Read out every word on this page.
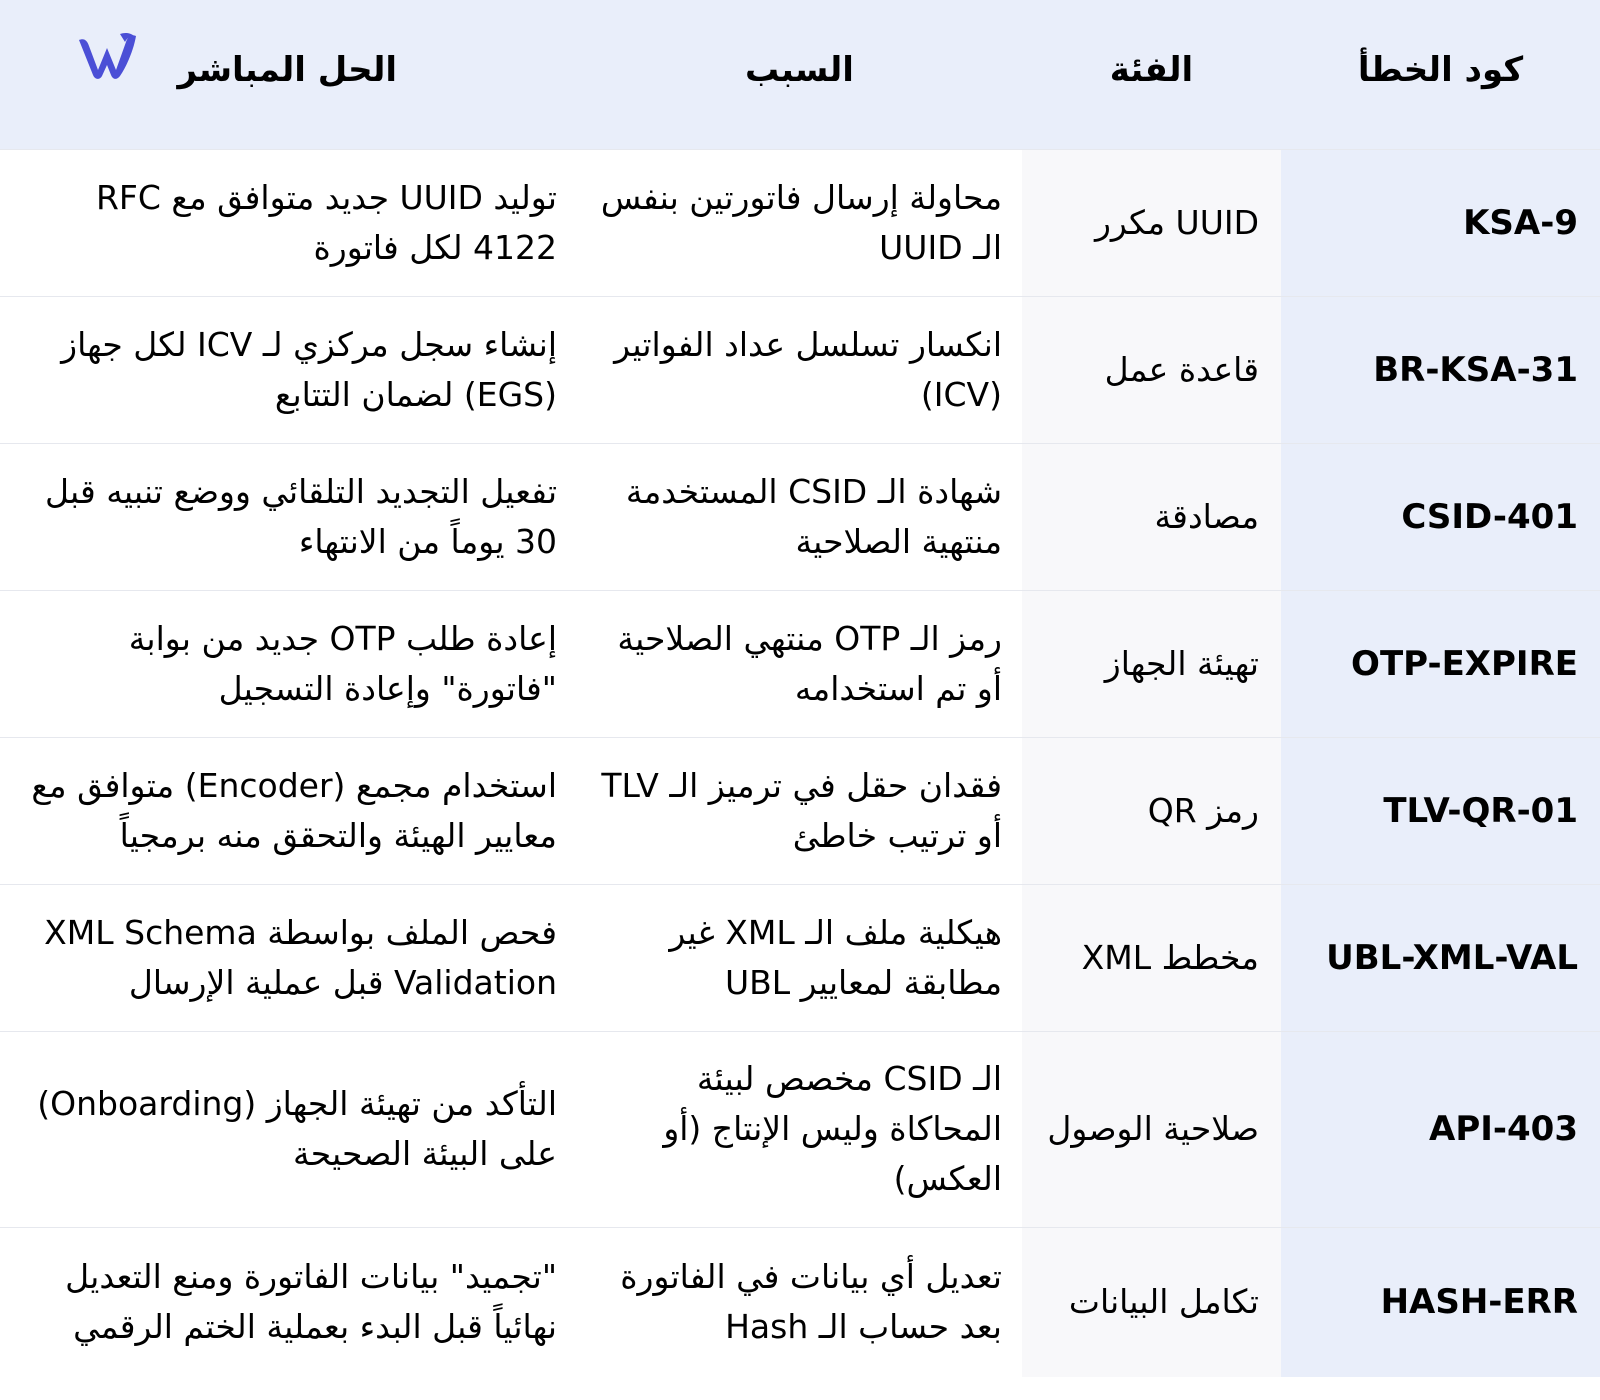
كود الخطأ	الفئة	السبب	الحل المباشر
KSA-9	UUID مكرر	محاولة إرسال فاتورتين بنفس الـ UUID	توليد UUID جديد متوافق مع RFC 4122 لكل فاتورة
BR-KSA-31	قاعدة عمل	انكسار تسلسل عداد الفواتير (ICV)	إنشاء سجل مركزي لـ ICV لكل جهاز (EGS) لضمان التتابع
CSID-401	مصادقة	شهادة الـ CSID المستخدمة منتهية الصلاحية	تفعيل التجديد التلقائي ووضع تنبيه قبل 30 يوماً من الانتهاء
OTP-EXPIRE	تهيئة الجهاز	رمز الـ OTP منتهي الصلاحية أو تم استخدامه	إعادة طلب OTP جديد من بوابة "فاتورة" وإعادة التسجيل
TLV-QR-01	رمز QR	فقدان حقل في ترميز الـ TLV أو ترتيب خاطئ	استخدام مجمع (Encoder) متوافق مع معايير الهيئة والتحقق منه برمجياً
UBL-XML-VAL	مخطط XML	هيكلية ملف الـ XML غير مطابقة لمعايير UBL	فحص الملف بواسطة XML Schema Validation قبل عملية الإرسال
API-403	صلاحية الوصول	الـ CSID مخصص لبيئة المحاكاة وليس الإنتاج (أو العكس)	التأكد من تهيئة الجهاز (Onboarding) على البيئة الصحيحة
HASH-ERR	تكامل البيانات	تعديل أي بيانات في الفاتورة بعد حساب الـ Hash	"تجميد" بيانات الفاتورة ومنع التعديل نهائياً قبل البدء بعملية الختم الرقمي
